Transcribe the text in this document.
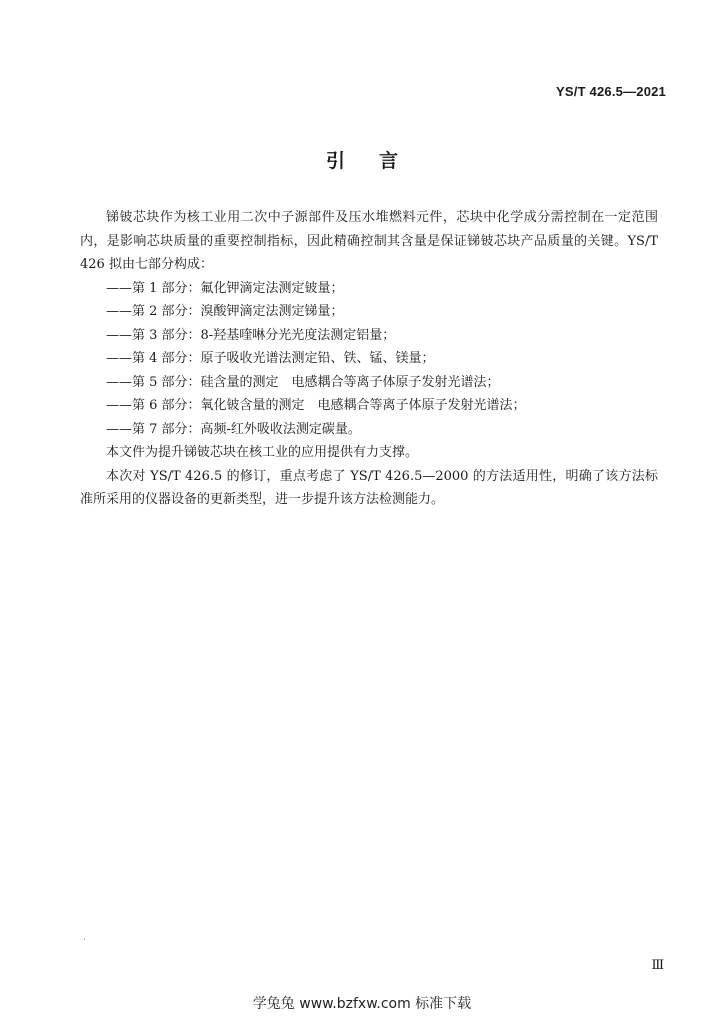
YS/T 426.5—2021
引言

锑铍芯块作为核工业用二次中子源部件及压水堆燃料元件，芯块中化学成分需控制在一定范围内，是影响芯块质量的重要控制指标，因此精确控制其含量是保证锑铍芯块产品质量的关键。YS/T 426 拟由七部分构成：

——第 1 部分：氟化钾滴定法测定铍量；
——第 2 部分：溴酸钾滴定法测定锑量；
——第 3 部分：8-羟基喹啉分光光度法测定铝量；
——第 4 部分：原子吸收光谱法测定铅、铁、锰、镁量；
——第 5 部分：硅含量的测定　电感耦合等离子体原子发射光谱法；
——第 6 部分：氧化铍含量的测定　电感耦合等离子体原子发射光谱法；
——第 7 部分：高频-红外吸收法测定碳量。

本文件为提升锑铍芯块在核工业的应用提供有力支撑。

本次对 YS/T 426.5 的修订，重点考虑了 YS/T 426.5—2000 的方法适用性，明确了该方法标准所采用的仪器设备的更新类型，进一步提升该方法检测能力。

Ⅲ
学兔兔 www.bzfxw.com 标准下载
